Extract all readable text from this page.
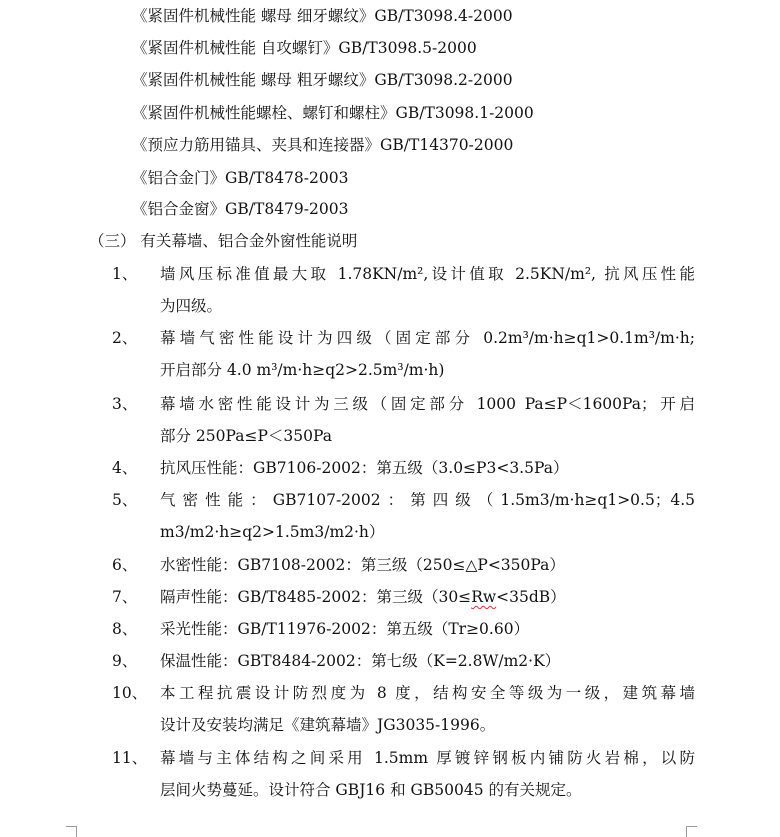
《紧固件机械性能 螺母 细牙螺纹》GB/T3098.4-2000
《紧固件机械性能 自攻螺钉》GB/T3098.5-2000
《紧固件机械性能 螺母 粗牙螺纹》GB/T3098.2-2000
《紧固件机械性能螺栓、螺钉和螺柱》GB/T3098.1-2000
《预应力筋用锚具、夹具和连接器》GB/T14370-2000
《铝合金门》GB/T8478-2003
《铝合金窗》GB/T8479-2003
（三） 有关幕墙、铝合金外窗性能说明
1、 墙风压标准值最大取 1.78KN/m²,设计值取 2.5KN/m², 抗风压性能
为四级。
2、 幕墙气密性能设计为四级（固定部分 0.2m³/m·h≥q1>0.1m³/m·h;
开启部分 4.0 m³/m·h≥q2>2.5m³/m·h)
3、 幕墙水密性能设计为三级（固定部分 1000 Pa≤P＜1600Pa；开启
部分 250Pa≤P＜350Pa
4、 抗风压性能：GB7106-2002：第五级（3.0≤P3<3.5Pa）
5、 气密性能：GB7107-2002：第四级（1.5m3/m·h≥q1>0.5；4.5
m3/m2·h≥q2>1.5m3/m2·h）
6、 水密性能：GB7108-2002：第三级（250≤△P<350Pa）
7、 隔声性能：GB/T8485-2002：第三级（30≤Rw<35dB）
8、 采光性能：GB/T11976-2002：第五级（Tr≥0.60）
9、 保温性能：GBT8484-2002：第七级（K=2.8W/m2·K）
10、 本工程抗震设计防烈度为 8 度，结构安全等级为一级，建筑幕墙
设计及安装均满足《建筑幕墙》JG3035-1996。
11、 幕墙与主体结构之间采用 1.5mm 厚镀锌钢板内铺防火岩棉，以防
层间火势蔓延。设计符合 GBJ16 和 GB50045 的有关规定。
